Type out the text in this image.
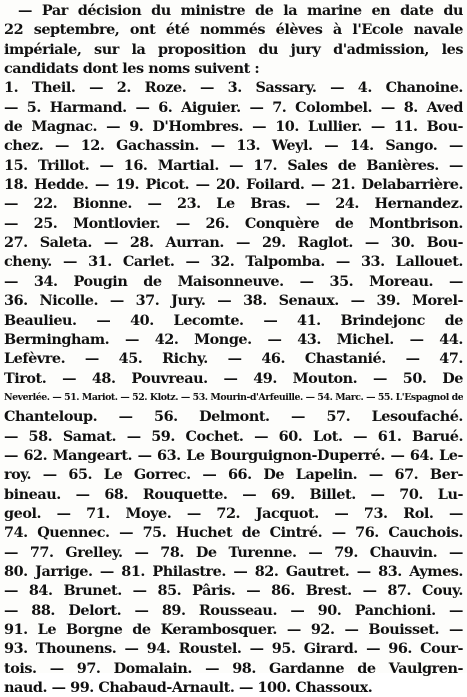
— Par décision du ministre de la marine en date du
22 septembre, ont été nommés élèves à l'Ecole navale
impériale, sur la proposition du jury d'admission, les
candidats dont les noms suivent :
1. Theil. — 2. Roze. — 3. Sassary. — 4. Chanoine.
— 5. Harmand. — 6. Aiguier. — 7. Colombel. — 8. Aved
de Magnac. — 9. D'Hombres. — 10. Lullier. — 11. Bou-
chez. — 12. Gachassin. — 13. Weyl. — 14. Sango. —
15. Trillot. — 16. Martial. — 17. Sales de Banières. —
18. Hedde. — 19. Picot. — 20. Foilard. — 21. Delabarrière.
— 22. Bionne. — 23. Le Bras. — 24. Hernandez.
— 25. Montlovier. — 26. Conquère de Montbrison.
27. Saleta. — 28. Aurran. — 29. Raglot. — 30. Bou-
cheny. — 31. Carlet. — 32. Talpomba. — 33. Lallouet.
— 34. Pougin de Maisonneuve. — 35. Moreau. —
36. Nicolle. — 37. Jury. — 38. Senaux. — 39. Morel-
Beaulieu. — 40. Lecomte. — 41. Brindejonc de
Bermingham. — 42. Monge. — 43. Michel. — 44.
Lefèvre. — 45. Richy. — 46. Chastanié. — 47.
Tirot. — 48. Pouvreau. — 49. Mouton. — 50. De
Neverlée. — 51. Mariot. — 52. Klotz. — 53. Mourin-d'Arfeuille. — 54. Marc. — 55. L'Espagnol de
Chanteloup. — 56. Delmont. — 57. Lesoufaché.
— 58. Samat. — 59. Cochet. — 60. Lot. — 61. Barué.
— 62. Mangeart. — 63. Le Bourguignon-Duperré. — 64. Le-
roy. — 65. Le Gorrec. — 66. De Lapelin. — 67. Ber-
bineau. — 68. Rouquette. — 69. Billet. — 70. Lu-
geol. — 71. Moye. — 72. Jacquot. — 73. Rol. —
74. Quennec. — 75. Huchet de Cintré. — 76. Cauchois.
— 77. Grelley. — 78. De Turenne. — 79. Chauvin. —
80. Jarrige. — 81. Philastre. — 82. Gautret. — 83. Aymes.
— 84. Brunet. — 85. Pâris. — 86. Brest. — 87. Couy.
— 88. Delort. — 89. Rousseau. — 90. Panchioni. —
91. Le Borgne de Kerambosquer. — 92. — Bouisset. —
93. Thounens. — 94. Roustel. — 95. Girard. — 96. Cour-
tois. — 97. Domalain. — 98. Gardanne de Vaulgren-
naud. — 99. Chabaud-Arnault. — 100. Chassoux.
